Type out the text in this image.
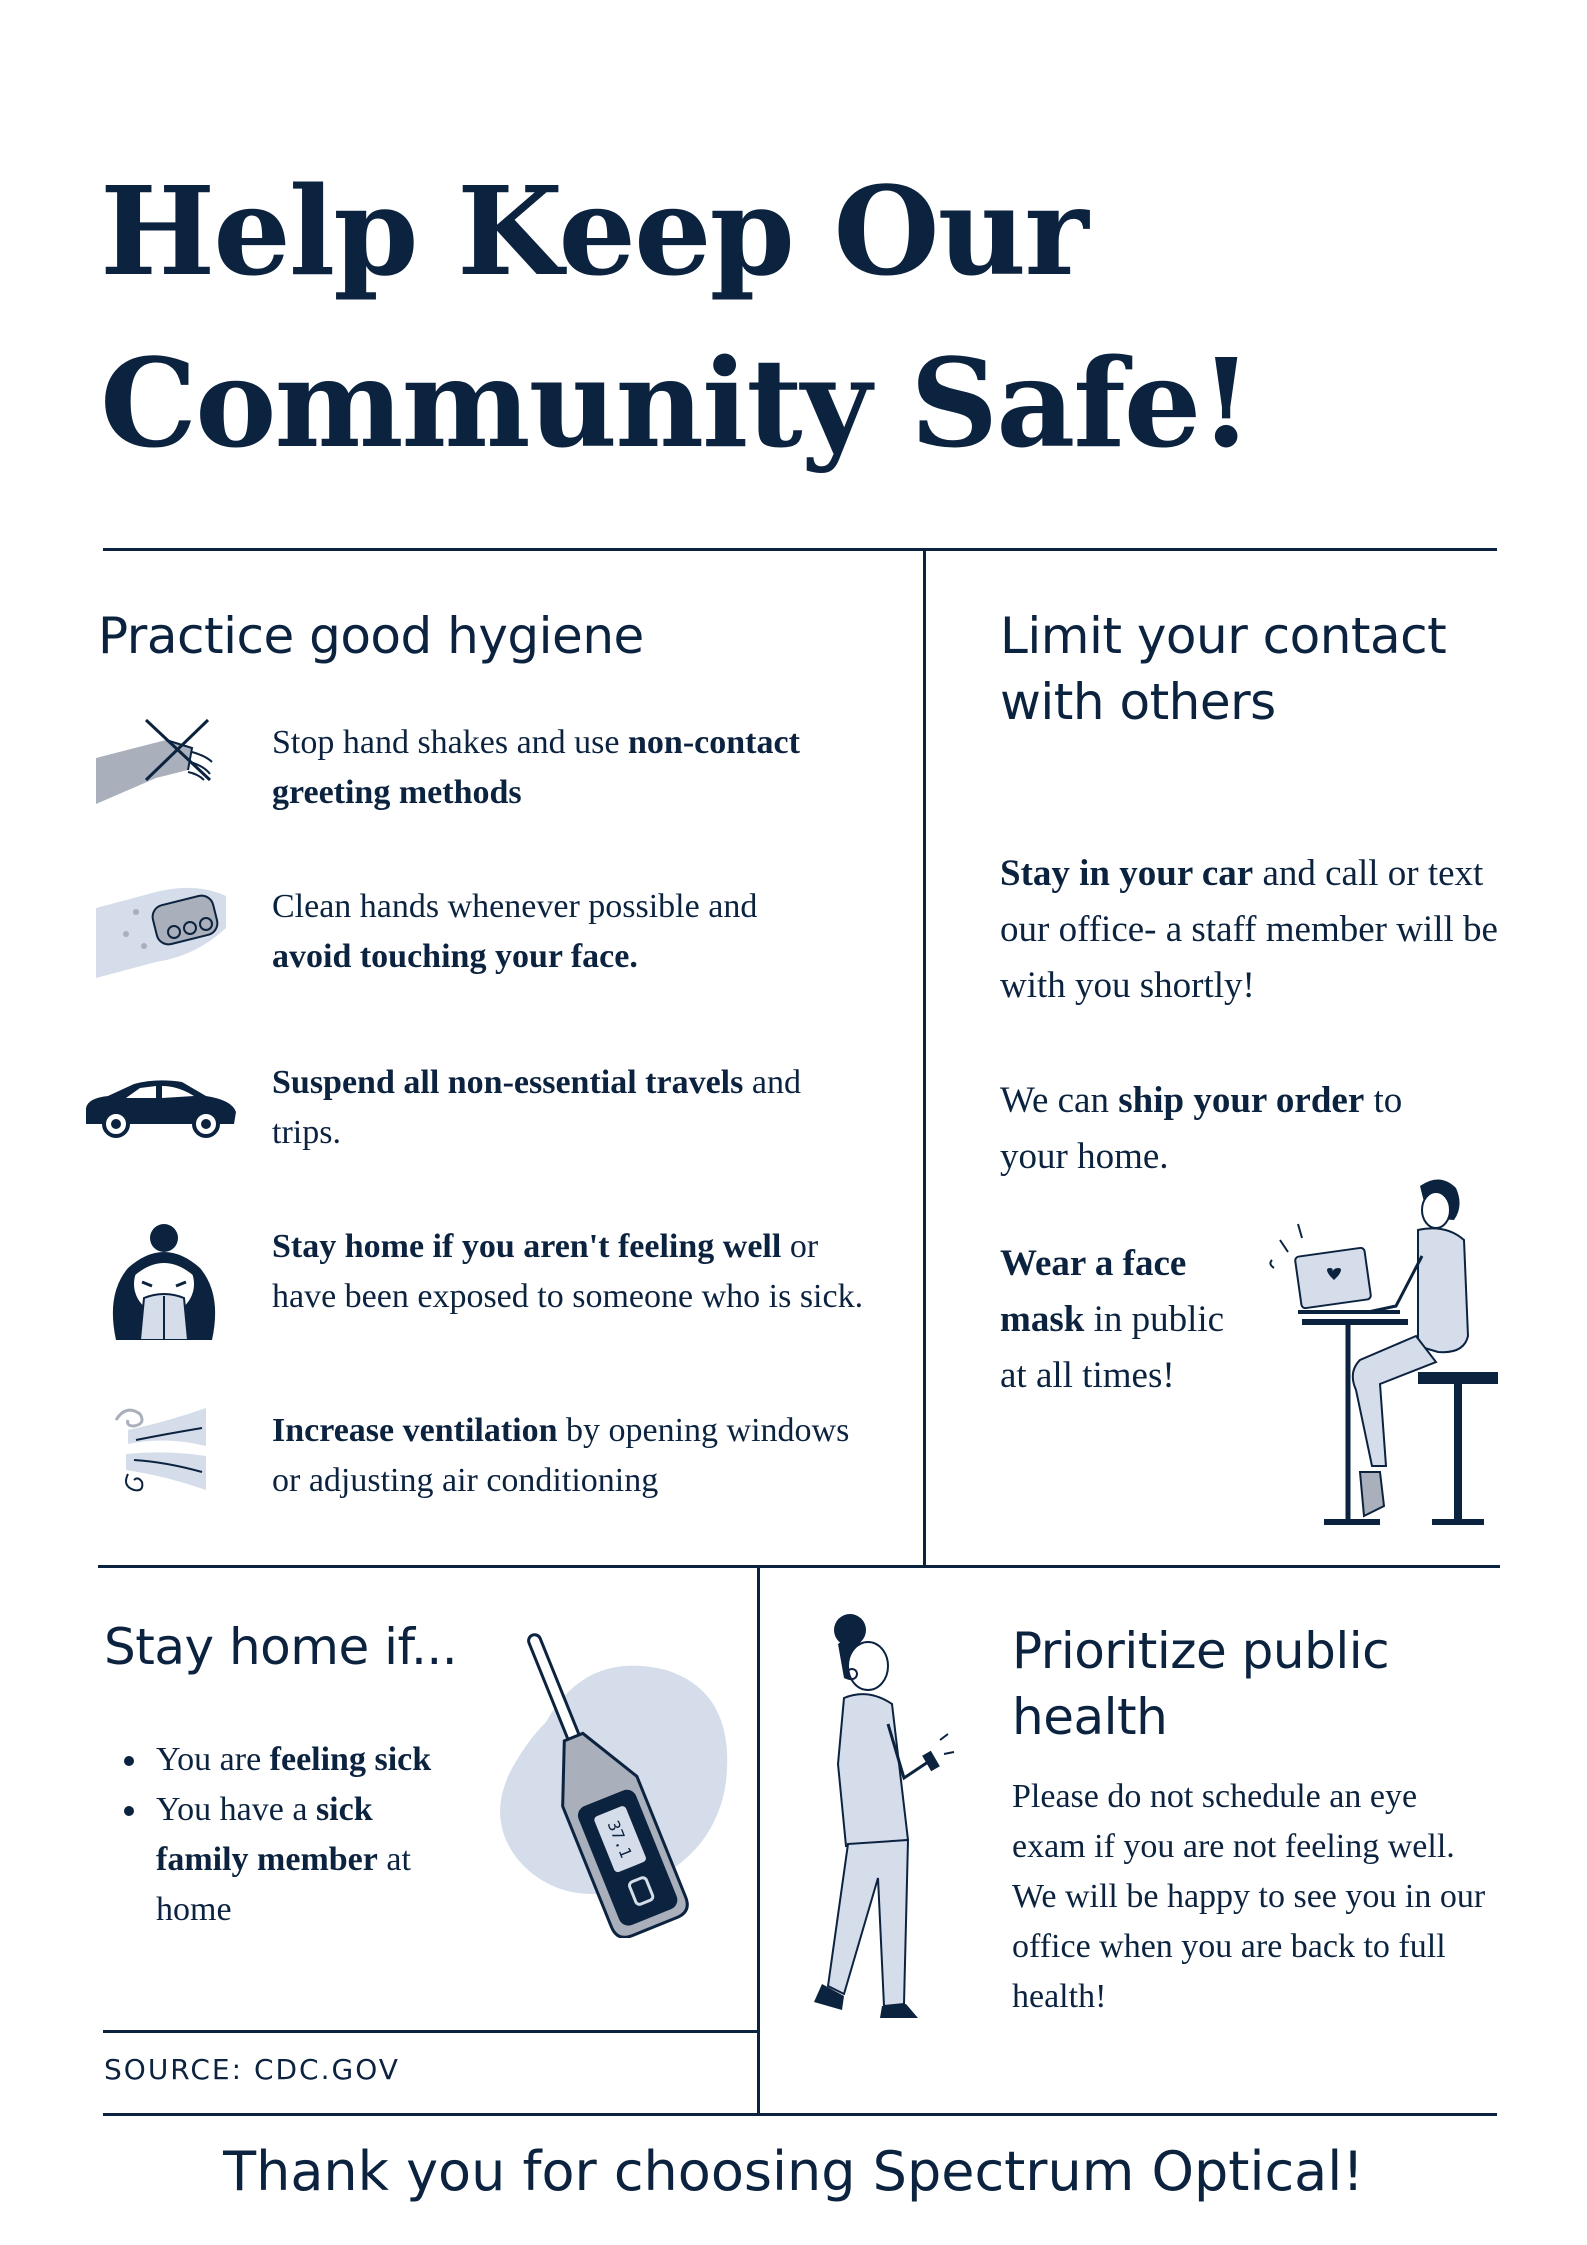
Help Keep Our
Community Safe!
Practice good hygiene
Stop hand shakes and use non-contact greeting methods
Clean hands whenever possible and avoid touching your face.
Suspend all non-essential travels and trips.
Stay home if you aren't feeling well or have been exposed to someone who is sick.
Increase ventilation by opening windows or adjusting air conditioning
Limit your contact
with others
Stay in your car and call or text our office- a staff member will be with you shortly!
We can ship your order to your home.
Wear a face mask in public at all times!
Stay home if...
You are feeling sick
You have a sick family member at home
37.1
SOURCE: CDC.GOV
Prioritize public
health
Please do not schedule an eye exam if you are not feeling well. We will be happy to see you in our office when you are back to full health!
Thank you for choosing Spectrum Optical!
